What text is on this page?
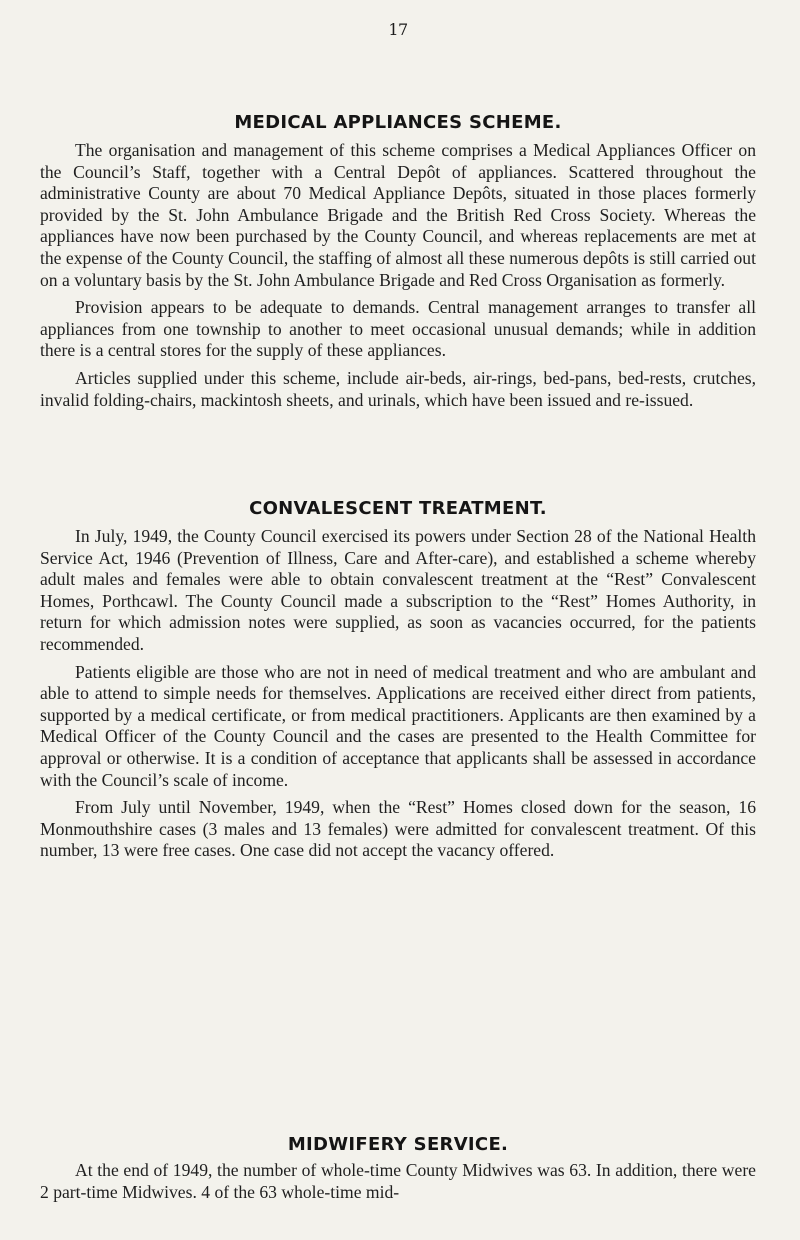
17
MEDICAL APPLIANCES SCHEME.

The organisation and management of this scheme comprises a Medical Appliances Officer on the Council’s Staff, together with a Central Depôt of appliances. Scattered throughout the administrative County are about 70 Medical Appliance Depôts, situated in those places formerly provided by the St. John Ambulance Brigade and the British Red Cross Society. Whereas the appliances have now been purchased by the County Council, and whereas replacements are met at the expense of the County Council, the staffing of almost all these numerous depôts is still carried out on a voluntary basis by the St. John Ambulance Brigade and Red Cross Organisation as formerly.

Provision appears to be adequate to demands. Central management arranges to transfer all appliances from one township to another to meet occasional unusual demands; while in addition there is a central stores for the supply of these appliances.

Articles supplied under this scheme, include air-beds, air-rings, bed-pans, bed-rests, crutches, invalid folding-chairs, mackintosh sheets, and urinals, which have been issued and re-issued.

CONVALESCENT TREATMENT.

In July, 1949, the County Council exercised its powers under Section 28 of the National Health Service Act, 1946 (Prevention of Illness, Care and After-care), and established a scheme whereby adult males and females were able to obtain convalescent treatment at the “Rest” Convalescent Homes, Porthcawl. The County Council made a subscription to the “Rest” Homes Authority, in return for which admission notes were supplied, as soon as vacancies occurred, for the patients recommended.

Patients eligible are those who are not in need of medical treatment and who are ambulant and able to attend to simple needs for themselves. Applications are received either direct from patients, supported by a medical certificate, or from medical practitioners. Applicants are then examined by a Medical Officer of the County Council and the cases are presented to the Health Committee for approval or otherwise. It is a condition of acceptance that applicants shall be assessed in accordance with the Council’s scale of income.

From July until November, 1949, when the “Rest” Homes closed down for the season, 16 Monmouthshire cases (3 males and 13 females) were admitted for convalescent treatment. Of this number, 13 were free cases. One case did not accept the vacancy offered.

MIDWIFERY SERVICE.

At the end of 1949, the number of whole-time County Midwives was 63. In addition, there were 2 part-time Midwives. 4 of the 63 whole-time mid-
